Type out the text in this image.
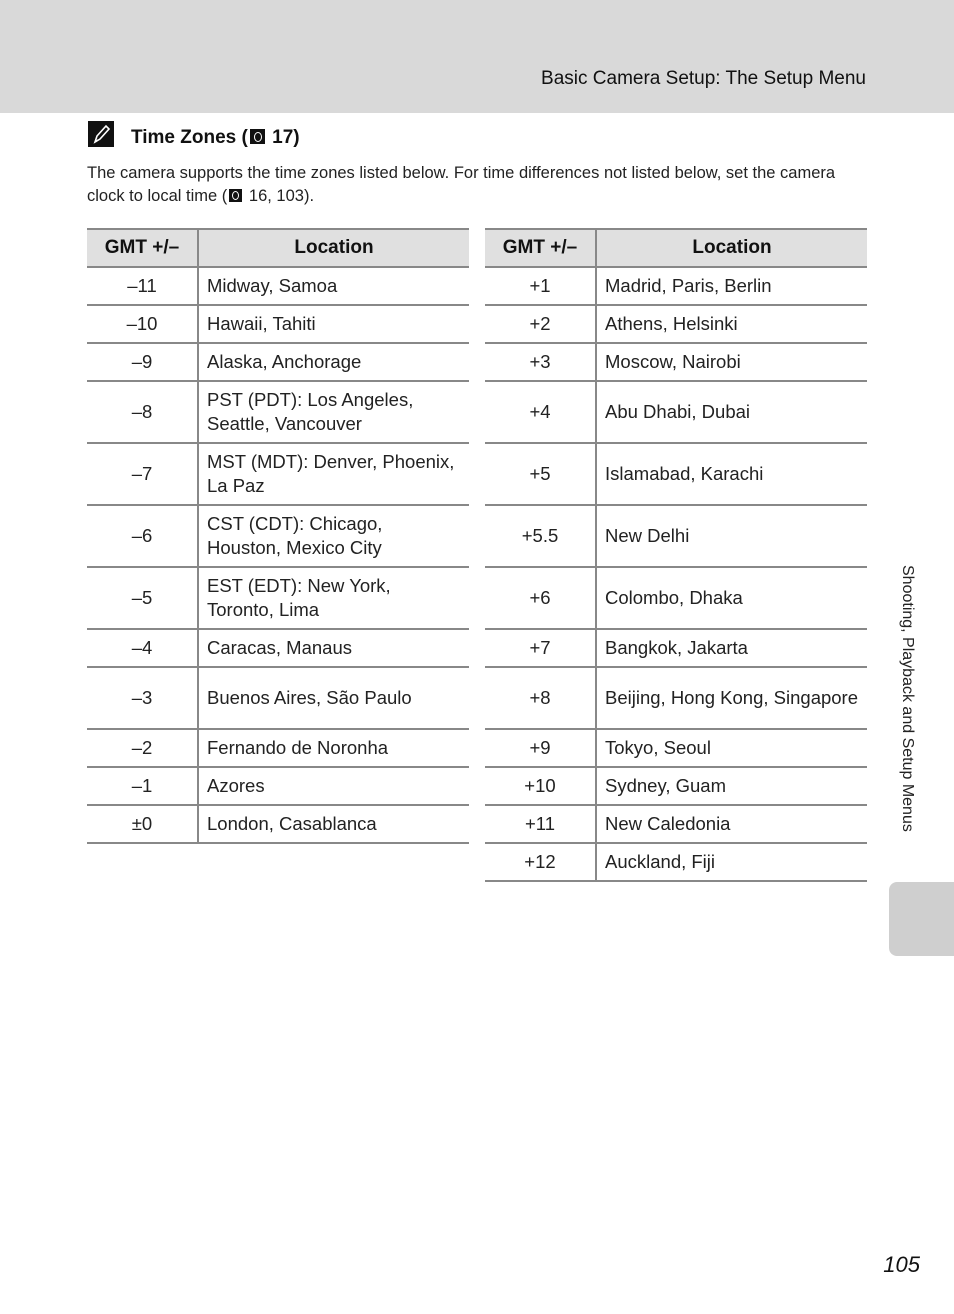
Basic Camera Setup: The Setup Menu
Time Zones ( 17)
The camera supports the time zones listed below. For time differences not listed below, set the camera clock to local time ( 16, 103).
GMT +/–	Location
–11	Midway, Samoa
–10	Hawaii, Tahiti
–9	Alaska, Anchorage
–8	PST (PDT): Los Angeles, Seattle, Vancouver
–7	MST (MDT): Denver, Phoenix, La Paz
–6	CST (CDT): Chicago, Houston, Mexico City
–5	EST (EDT): New York, Toronto, Lima
–4	Caracas, Manaus
–3	Buenos Aires, São Paulo
–2	Fernando de Noronha
–1	Azores
±0	London, Casablanca
GMT +/–	Location
+1	Madrid, Paris, Berlin
+2	Athens, Helsinki
+3	Moscow, Nairobi
+4	Abu Dhabi, Dubai
+5	Islamabad, Karachi
+5.5	New Delhi
+6	Colombo, Dhaka
+7	Bangkok, Jakarta
+8	Beijing, Hong Kong, Singapore
+9	Tokyo, Seoul
+10	Sydney, Guam
+11	New Caledonia
+12	Auckland, Fiji
Shooting, Playback and Setup Menus
105
